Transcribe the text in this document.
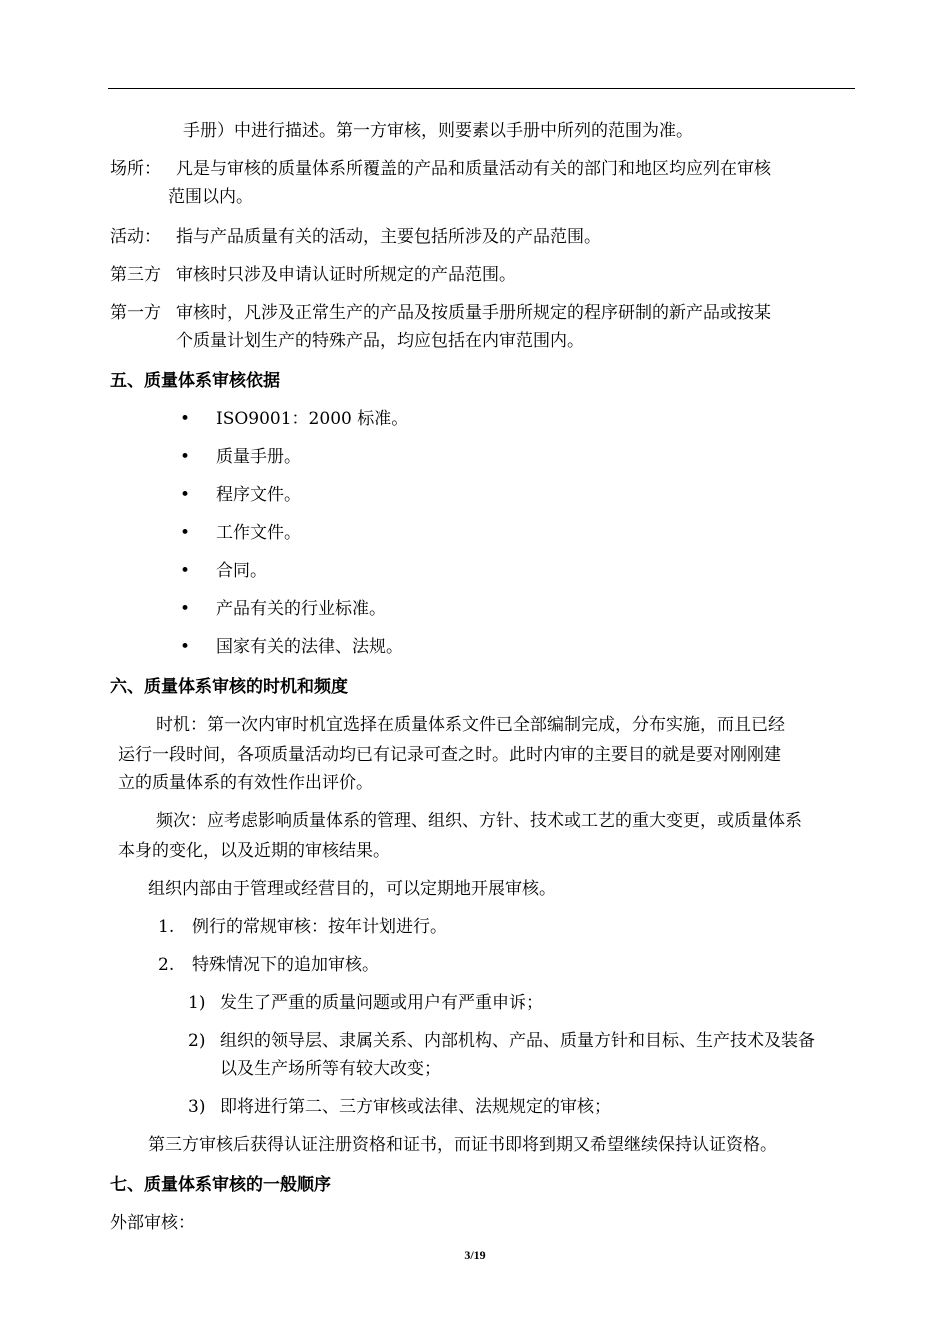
手册）中进行描述。第一方审核，则要素以手册中所列的范围为准。
场所： 凡是与审核的质量体系所覆盖的产品和质量活动有关的部门和地区均应列在审核
范围以内。
活动： 指与产品质量有关的活动，主要包括所涉及的产品范围。
第三方 审核时只涉及申请认证时所规定的产品范围。
第一方 审核时，凡涉及正常生产的产品及按质量手册所规定的程序研制的新产品或按某
个质量计划生产的特殊产品，均应包括在内审范围内。
五、质量体系审核依据
• ISO9001：2000 标准。
• 质量手册。
• 程序文件。
• 工作文件。
• 合同。
• 产品有关的行业标准。
• 国家有关的法律、法规。
六、质量体系审核的时机和频度
时机：第一次内审时机宜选择在质量体系文件已全部编制完成，分布实施，而且已经
运行一段时间，各项质量活动均已有记录可查之时。此时内审的主要目的就是要对刚刚建
立的质量体系的有效性作出评价。
频次：应考虑影响质量体系的管理、组织、方针、技术或工艺的重大变更，或质量体系
本身的变化，以及近期的审核结果。
组织内部由于管理或经营目的，可以定期地开展审核。
1. 例行的常规审核：按年计划进行。
2. 特殊情况下的追加审核。
1) 发生了严重的质量问题或用户有严重申诉；
2) 组织的领导层、隶属关系、内部机构、产品、质量方针和目标、生产技术及装备
以及生产场所等有较大改变；
3) 即将进行第二、三方审核或法律、法规规定的审核；
第三方审核后获得认证注册资格和证书，而证书即将到期又希望继续保持认证资格。
七、质量体系审核的一般顺序
外部审核：
3/19
